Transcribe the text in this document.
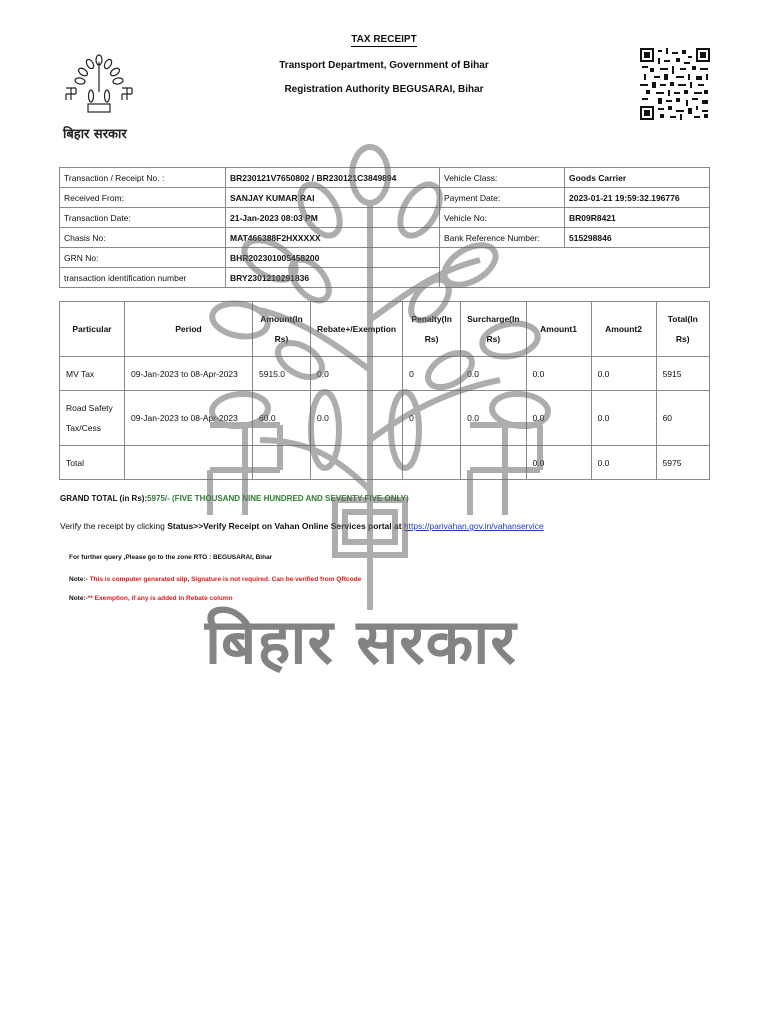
बिहार सरकार
TAX RECEIPT
Transport Department, Government of Bihar
Registration Authority BEGUSARAI, Bihar
Transaction / Receipt No. :	BR230121V7650802 / BR230121C3849894	Vehicle Class:	Goods Carrier
Received From:	SANJAY KUMAR RAI	Payment Date:	2023-01-21 19:59:32.196776
Transaction Date:	21-Jan-2023 08:03 PM	Vehicle No:	BR09R8421
Chasis No:	MAT466388F2HXXXXX	Bank Reference Number:	515298846
GRN No:	BHR202301005458200		
transaction identification number	BRY2301210291836		
Particular	Period	Amount(In Rs)	Rebate+/Exemption	Penalty(In Rs)	Surcharge(In Rs)	Amount1	Amount2	Total(In Rs)
MV Tax	09-Jan-2023 to 08-Apr-2023	5915.0	0.0	0	0.0	0.0	0.0	5915
Road Safety Tax/Cess	09-Jan-2023 to 08-Apr-2023	60.0	0.0	0	0.0	0.0	0.0	60
Total						0.0	0.0	5975
GRAND TOTAL (in Rs):5975/- (FIVE THOUSAND NINE HUNDRED AND SEVENTY FIVE ONLY)
Verify the receipt by clicking Status>>Verify Receipt on Vahan Online Services portal at https://parivahan.gov.in/vahanservice
For further query ,Please go to the zone RTO : BEGUSARAI, Bihar
Note:- This is computer generated slip, Signature is not required. Can be verified from QRcode
Note:-** Exemption, if any is added in Rebate column
बिहार सरकार
